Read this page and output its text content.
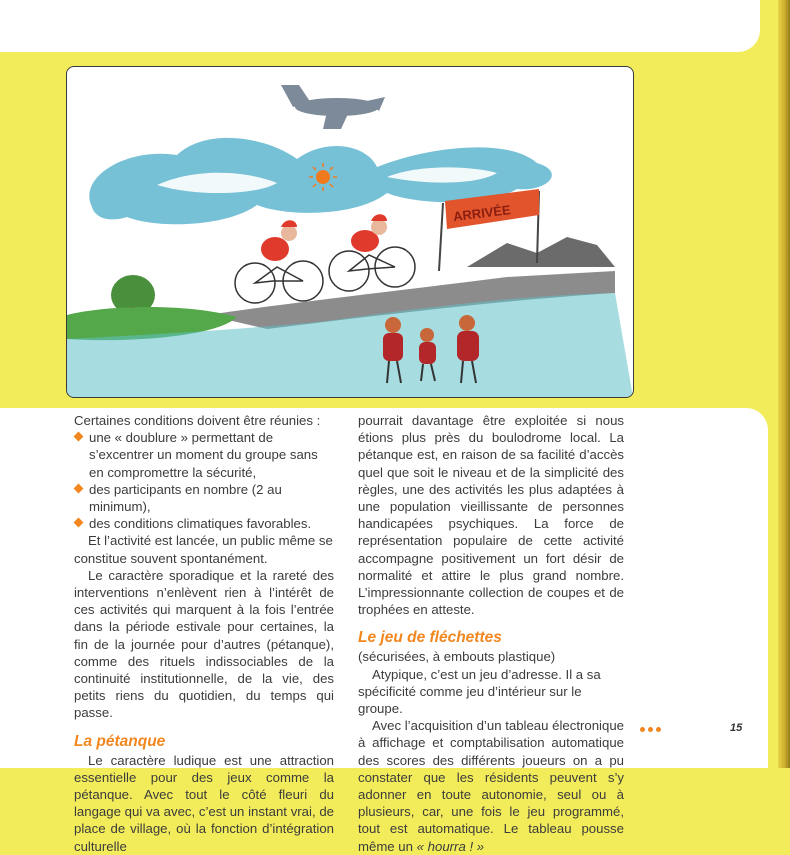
ARRIVÉE

Certaines conditions doivent être réunies :

une « doublure » permettant de s’excentrer un moment du groupe sans en compromettre la sécurité,
des participants en nombre (2 au minimum),
des conditions climatiques favorables.

Et l’activité est lancée, un public même se constitue souvent spontanément.

Le caractère sporadique et la rareté des interventions n’enlèvent rien à l’intérêt de ces activités qui marquent à la fois l’entrée dans la période estivale pour certaines, la fin de la journée pour d’autres (pétanque), comme des rituels indissociables de la continuité institutionnelle, de la vie, des petits riens du quotidien, du temps qui passe.

La pétanque

Le caractère ludique est une attraction essentielle pour des jeux comme la pétanque. Avec tout le côté fleuri du langage qui va avec, c’est un instant vrai, de place de village, où la fonction d’intégration culturelle

pourrait davantage être exploitée si nous étions plus près du boulodrome local. La pétanque est, en raison de sa facilité d’accès quel que soit le niveau et de la simplicité des règles, une des activités les plus adaptées à une population vieillissante de personnes handicapées psychiques. La force de représentation populaire de cette activité accompagne positivement un fort désir de normalité et attire le plus grand nombre. L’impressionnante collection de coupes et de trophées en atteste.

Le jeu de fléchettes

(sécurisées, à embouts plastique)

Atypique, c’est un jeu d’adresse. Il a sa spécificité comme jeu d’intérieur sur le groupe.

Avec l’acquisition d’un tableau électronique à affichage et comptabilisation automatique des scores des différents joueurs on a pu constater que les résidents peuvent s’y adonner en toute autonomie, seul ou à plusieurs, car, une fois le jeu programmé, tout est automatique. Le tableau pousse même un « hourra ! »

15
